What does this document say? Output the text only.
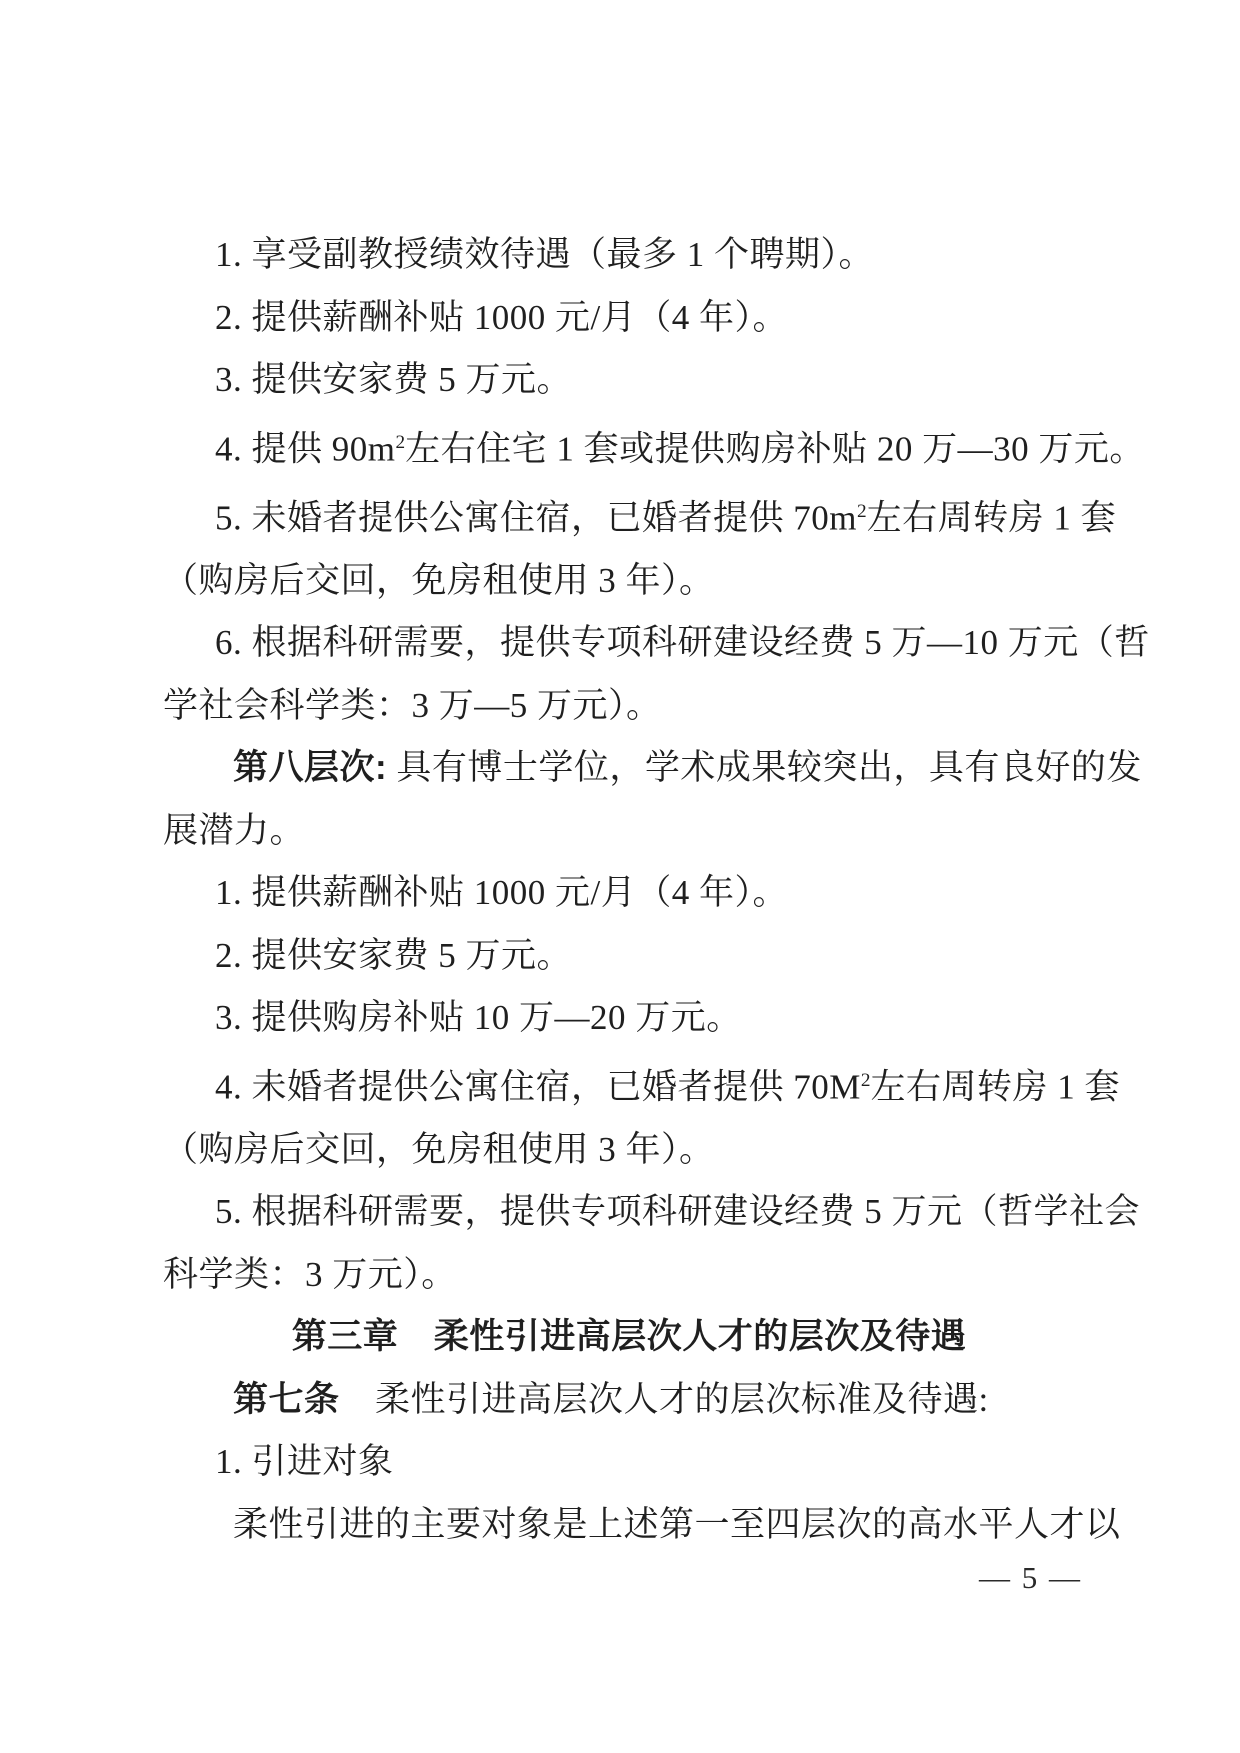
1. 享受副教授绩效待遇（最多 1 个聘期）。
2. 提供薪酬补贴 1000 元/月（4 年）。
3. 提供安家费 5 万元。
4. 提供 $90m^2$左右住宅 1 套或提供购房补贴 20 万—30 万元。
5. 未婚者提供公寓住宿，已婚者提供 $70m^2$左右周转房 1 套
（购房后交回，免房租使用 3 年）。
6. 根据科研需要，提供专项科研建设经费 5 万—10 万元（哲
学社会科学类：3 万—5 万元）。
第八层次: 具有博士学位，学术成果较突出，具有良好的发
展潜力。
1. 提供薪酬补贴 1000 元/月（4 年）。
2. 提供安家费 5 万元。
3. 提供购房补贴 10 万—20 万元。
4. 未婚者提供公寓住宿，已婚者提供 $70M^2$左右周转房 1 套
（购房后交回，免房租使用 3 年）。
5. 根据科研需要，提供专项科研建设经费 5 万元（哲学社会
科学类：3 万元）。
第三章　柔性引进高层次人才的层次及待遇
第七条　柔性引进高层次人才的层次标准及待遇:
1. 引进对象
柔性引进的主要对象是上述第一至四层次的高水平人才以
— 5 —
